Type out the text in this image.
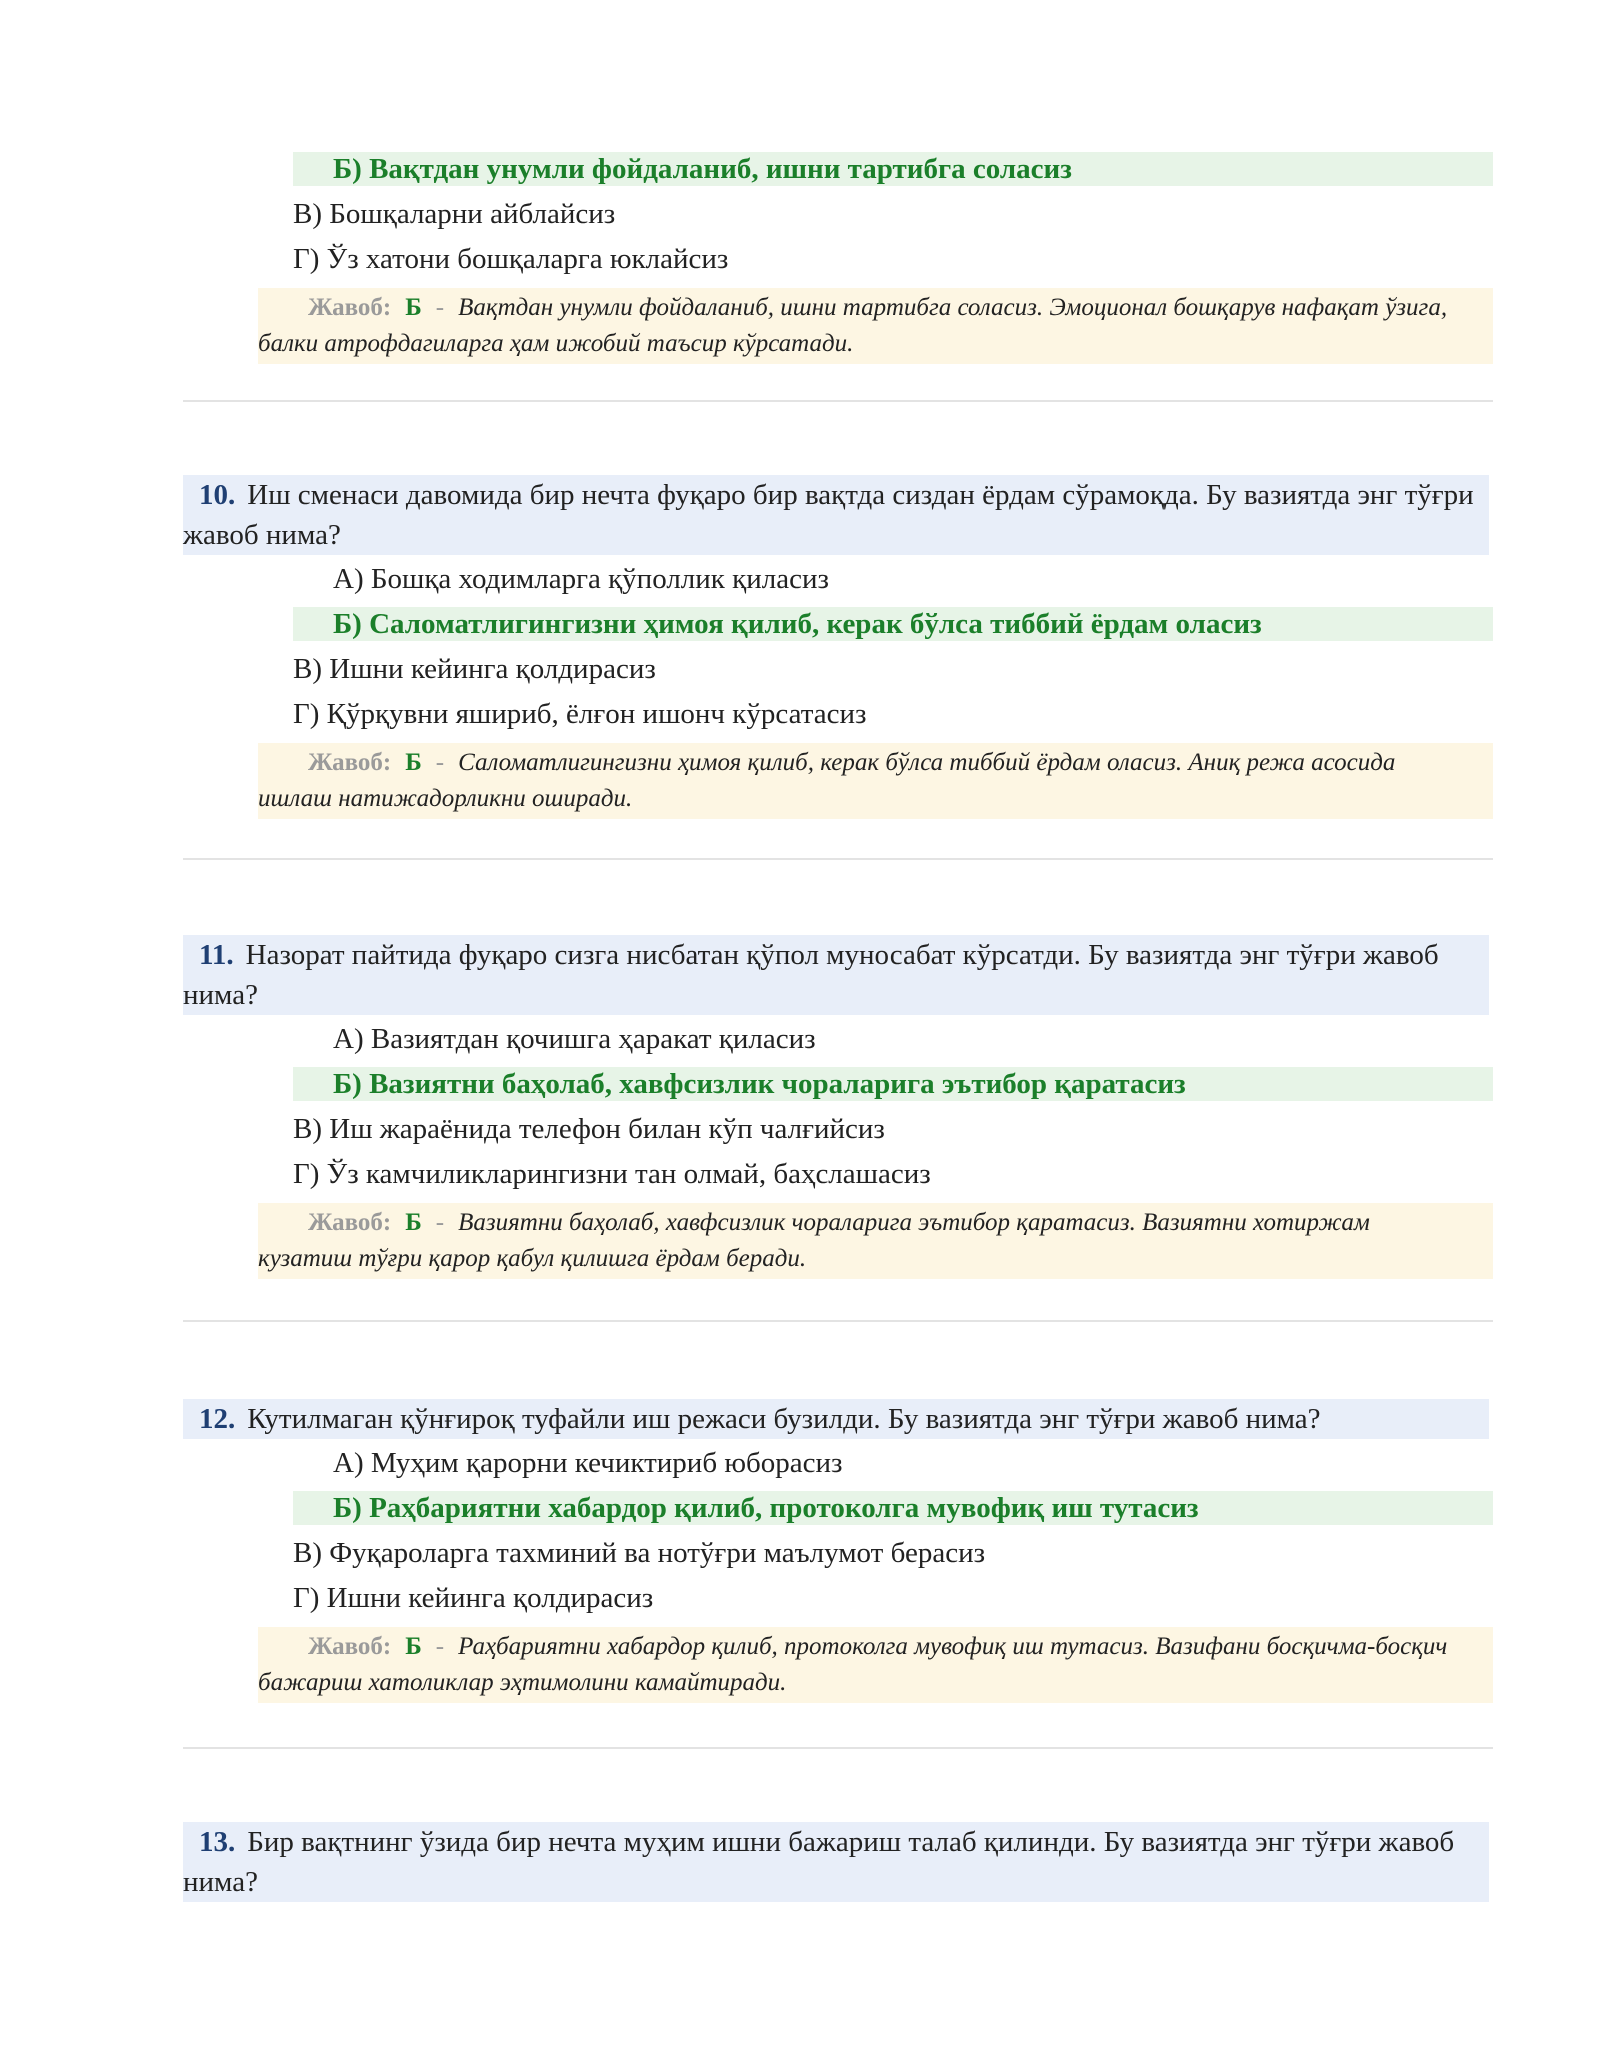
Б) Вақтдан унумли фойдаланиб, ишни тартибга соласиз
В) Бошқаларни айблайсиз
Г) Ўз хатони бошқаларга юклайсиз
Жавоб: Б - Вақтдан унумли фойдаланиб, ишни тартибга соласиз. Эмоционал бошқарув нафақат ўзига, балки атрофдагиларга ҳам ижобий таъсир кўрсатади.
10. Иш сменаси давомида бир нечта фуқаро бир вақтда сиздан ёрдам сўрамоқда. Бу вазиятда энг тўғри жавоб нима?
А) Бошқа ходимларга қўполлик қиласиз
Б) Саломатлигингизни ҳимоя қилиб, керак бўлса тиббий ёрдам оласиз
В) Ишни кейинга қолдирасиз
Г) Қўрқувни яшириб, ёлғон ишонч кўрсатасиз
Жавоб: Б - Саломатлигингизни ҳимоя қилиб, керак бўлса тиббий ёрдам оласиз. Аниқ режа асосида ишлаш натижадорликни оширади.
11. Назорат пайтида фуқаро сизга нисбатан қўпол муносабат кўрсатди. Бу вазиятда энг тўғри жавоб нима?
А) Вазиятдан қочишга ҳаракат қиласиз
Б) Вазиятни баҳолаб, хавфсизлик чораларига эътибор қаратасиз
В) Иш жараёнида телефон билан кўп чалғийсиз
Г) Ўз камчиликларингизни тан олмай, баҳслашасиз
Жавоб: Б - Вазиятни баҳолаб, хавфсизлик чораларига эътибор қаратасиз. Вазиятни хотиржам кузатиш тўғри қарор қабул қилишга ёрдам беради.
12. Кутилмаган қўнғироқ туфайли иш режаси бузилди. Бу вазиятда энг тўғри жавоб нима?
А) Муҳим қарорни кечиктириб юборасиз
Б) Раҳбариятни хабардор қилиб, протоколга мувофиқ иш тутасиз
В) Фуқароларга тахминий ва нотўғри маълумот берасиз
Г) Ишни кейинга қолдирасиз
Жавоб: Б - Раҳбариятни хабардор қилиб, протоколга мувофиқ иш тутасиз. Вазифани босқичма-босқич бажариш хатоликлар эҳтимолини камайтиради.
13. Бир вақтнинг ўзида бир нечта муҳим ишни бажариш талаб қилинди. Бу вазиятда энг тўғри жавоб нима?
